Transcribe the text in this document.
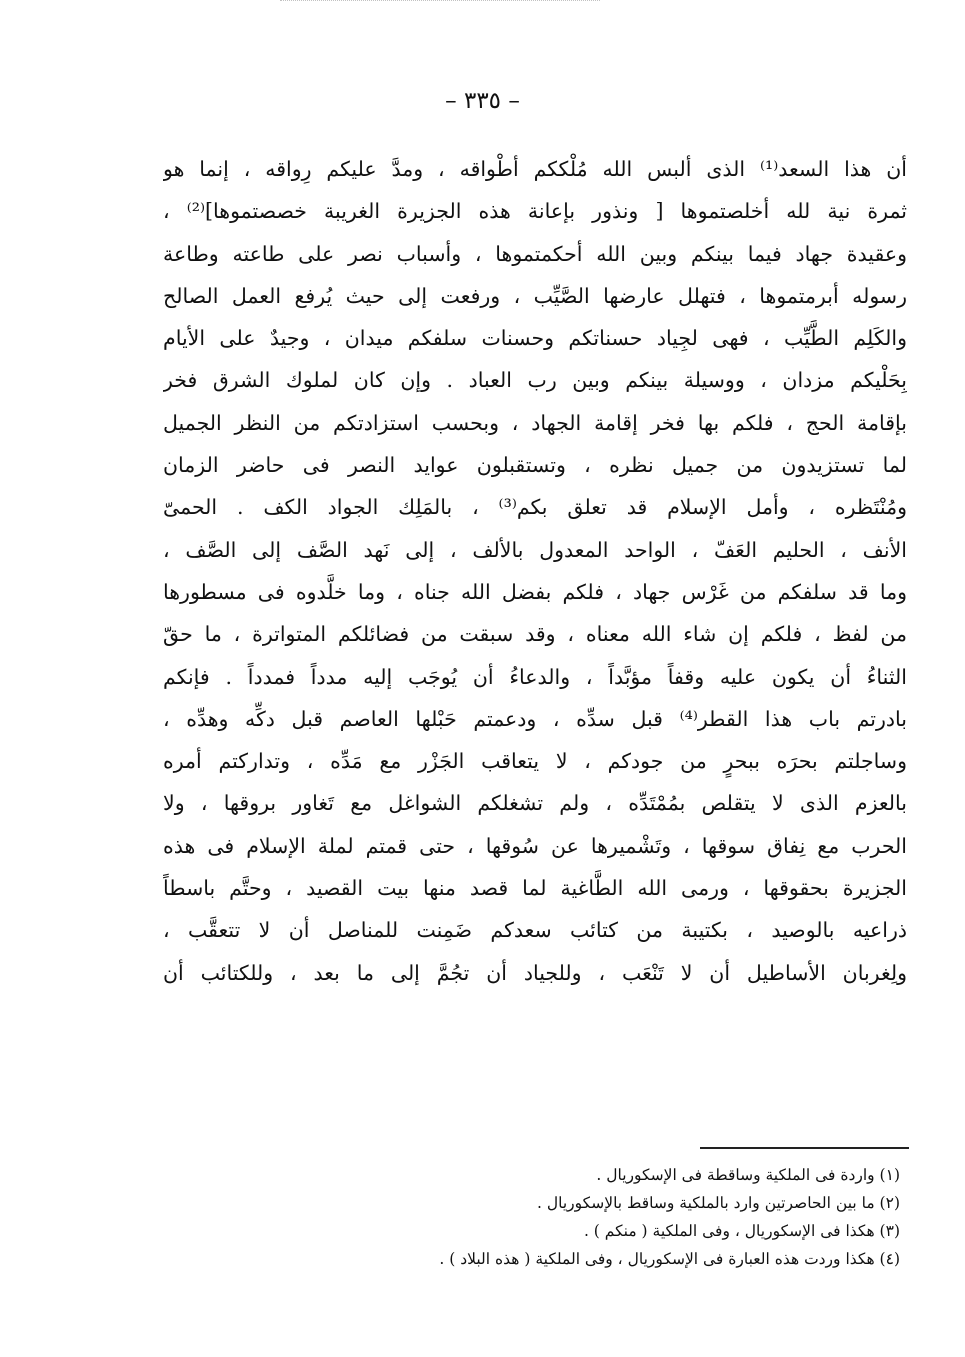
– ٣٣٥ –
أن هذا السعد⁽¹⁾ الذى ألبس الله مُلْككم أطْواقه ، ومدَّ عليكم رِواقه ، إنما هو
ثمرة نية لله أخلصتموها [ ونذور بإعانة هذه الجزيرة الغريبة خصصتموها]⁽²⁾ ،
وعقيدة جهاد فيما بينكم وبين الله أحكمتموها ، وأسباب نصر على طاعته وطاعة
رسوله أبرمتموها ، فتهلل عارضها الصَّيِّب ، ورفعت إلى حيث يُرفع العمل الصالح
والكَلِم الطَّيِّب ، فهى لجِياد حسناتكم وحسنات سلفكم ميدان ، وجيدٌ على الأيام
بِحَلْيكم مزدان ، ووسيلة بينكم وبين رب العباد . وإن كان لملوك الشرق فخر
بإقامة الحج ، فلكم بها فخر إقامة الجهاد ، وبحسب استزادتكم من النظر الجميل
لما تستزيدون من جميل نظره ، وتستقبلون عوايد النصر فى حاضر الزمان
ومُنْتَظره ، وأمل الإسلام قد تعلق بكم⁽³⁾ ، بالمَلِك الجواد الكف . الحمىّ
الأنف ، الحليم العَفّ ، الواحد المعدول بالألف ، إلى نَهد الصَّف إلى الصَّف ،
وما قد سلفكم من غَرْس جهاد ، فلكم بفضل الله جناه ، وما خلَّدوه فى مسطورها
من لفظ ، فلكم إن شاء الله معناه ، وقد سبقت من فضائلكم المتواترة ، ما حقّ
الثناءُ أن يكون عليه وقفاً مؤبَّداً ، والدعاءُ أن يُوجَب إليه مدداً فمدداً . فإنكم
بادرتم باب هذا القطر⁽⁴⁾ قبل سدِّه ، ودعمتم حَبْلها العاصم قبل دكِّه وهدِّه ،
وساجلتم بحرَه ببحرٍ من جودكم ، لا يتعاقب الجَزْر مع مَدِّه ، وتداركتم أمره
بالعزم الذى لا يتقلص بمُمْتَدِّه ، ولم تشغلكم الشواغل مع تَغاور بروقها ، ولا
الحرب مع نِفاق سوقها ، وتَشْميرها عن سُوقها ، حتى قمتم لملة الإسلام فى هذه
الجزيرة بحقوقها ، ورمى الله الطَّاغية لما قصد منها بيت القصيد ، وحتَّم باسطاً
ذراعيه بالوصيد ، بكتيبة من كتائب سعدكم ضَمِنت للمناصل أن لا تتعقَّب ،
ولِغربان الأساطيل أن لا تَنْعَب ، وللجياد أن تجُمَّ إلى ما بعد ، وللكتائب أن
(١) واردة فى الملكية وساقطة فى الإسكوريال .
(٢) ما بين الحاصرتين وارد بالملكية وساقط بالإسكوريال .
(٣) هكذا فى الإسكوريال ، وفى الملكية ( منكم ) .
(٤) هكذا وردت هذه العبارة فى الإسكوريال ، وفى الملكية ( هذه البلاد ) .
